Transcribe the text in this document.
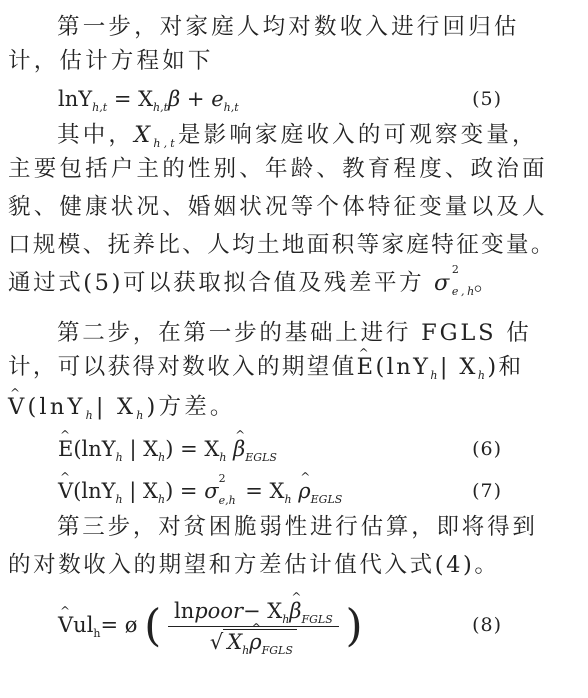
第一步，对家庭人均对数收入进行回归估
计，估计方程如下
$\ln Y_{h,t} = X_{h,t}\beta + e_{h,t}$	(5)
其中，$X_{h,t}$是影响家庭收入的可观察变量，
主要包括户主的性别、年龄、教育程度、政治面
貌、健康状况、婚姻状况等个体特征变量以及人
口规模、抚养比、人均土地面积等家庭特征变量。
通过式(5)可以获取拟合值及残差平方 σ
2
e,h
。
第二步，在第一步的基础上进行 FGLS 估
计，可以获得对数收入的期望值^ E(lnY$_h$| $X_h$)和
^ V(lnY$_h$| $X_h$)方差。
^ E(lnY$_h$ | $X_h) = X_h$ ^ $\beta_{EGLS}$	(6)
^ V(lnY$_h$ | $X_h) = \sigma$
2
$e,h = X_h$ ^ $\rho_{EGLS}$	(7)
第三步，对贫困脆弱性进行估算，即将得到
的对数收入的期望和方差估计值代入式(4)。
^ Vul$_h$= ø ( $\frac{lnpoor- X_h\^{} \beta_{FGLS}}{√ X_h\^{} \rho_{FGLS}}$ )	(8)
